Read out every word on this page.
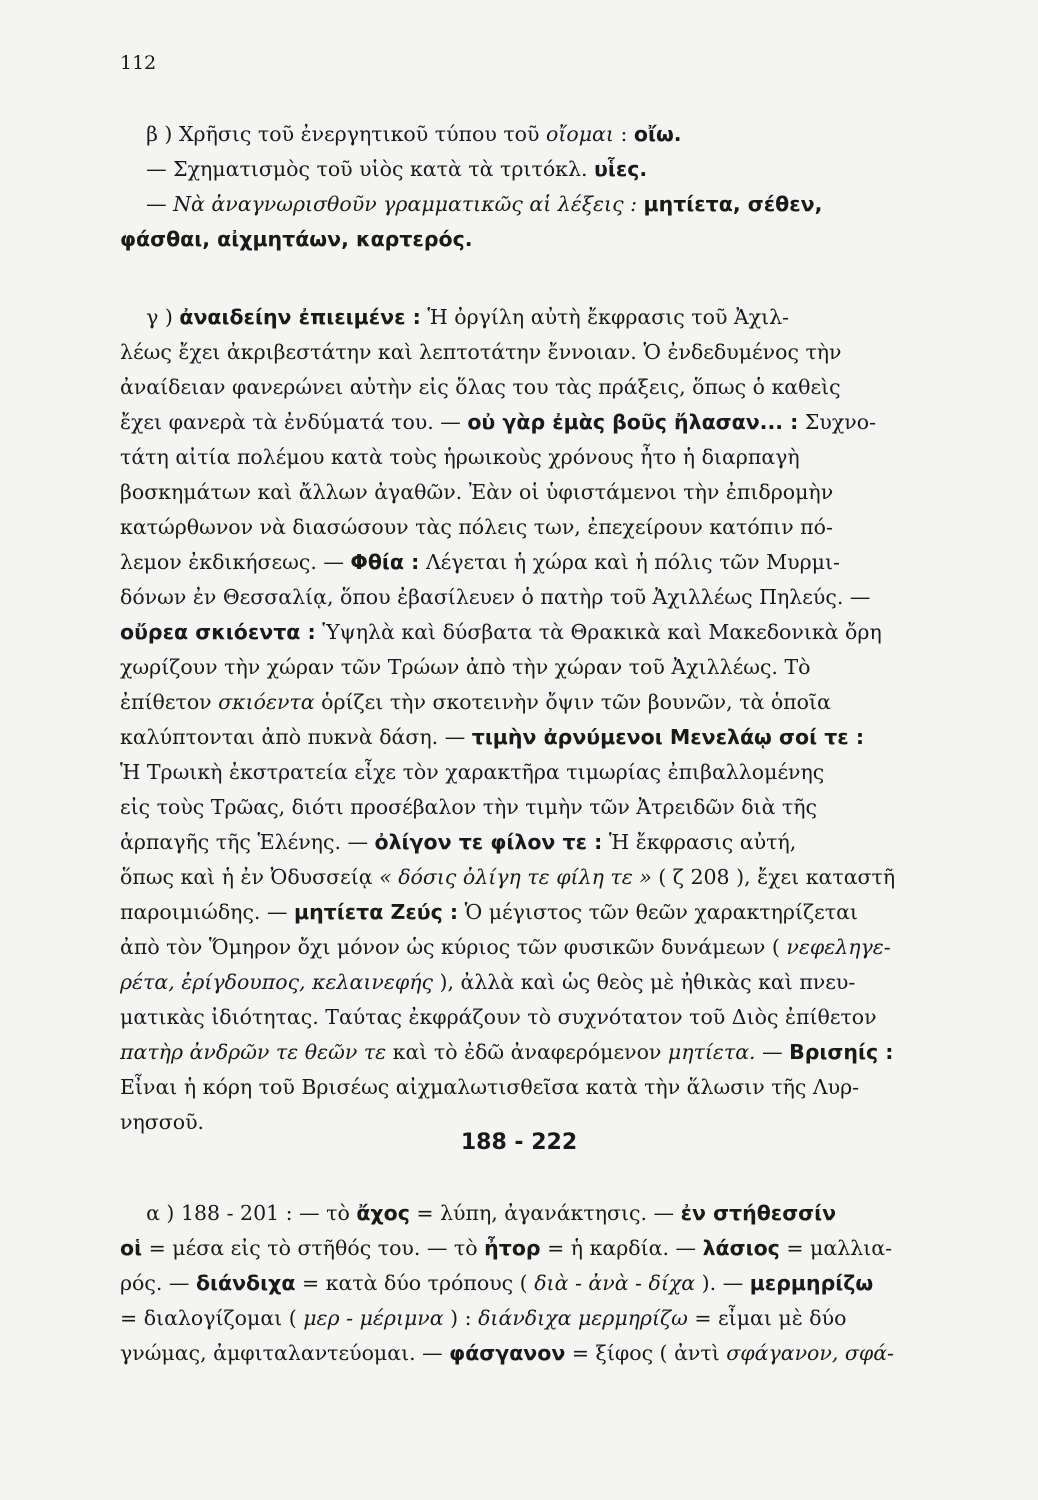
112
β ) Χρῆσις τοῦ ἐνεργητικοῦ τύπου τοῦ οἴομαι : οἴω.
— Σχηματισμὸς τοῦ υἱὸς κατὰ τὰ τριτόκλ. υἷες.
— Νὰ ἀναγνωρισθοῦν γραμματικῶς αἱ λέξεις : μητίετα, σέθεν,
φάσθαι, αἰχμητάων, καρτερός.
γ ) ἀναιδείην ἐπιειμένε : Ἡ ὀργίλη αὐτὴ ἔκφρασις τοῦ Ἀχιλ-
λέως ἔχει ἀκριβεστάτην καὶ λεπτοτάτην ἔννοιαν. Ὁ ἐνδεδυμένος τὴν
ἀναίδειαν φανερώνει αὐτὴν εἰς ὅλας του τὰς πράξεις, ὅπως ὁ καθεὶς
ἔχει φανερὰ τὰ ἐνδύματά του. — οὐ γὰρ ἐμὰς βοῦς ἤλασαν... : Συχνο-
τάτη αἰτία πολέμου κατὰ τοὺς ἡρωικοὺς χρόνους ἦτο ἡ διαρπαγὴ
βοσκημάτων καὶ ἄλλων ἀγαθῶν. Ἐὰν οἱ ὑφιστάμενοι τὴν ἐπιδρομὴν
κατώρθωνον νὰ διασώσουν τὰς πόλεις των, ἐπεχείρουν κατόπιν πό-
λεμον ἐκδικήσεως. — Φθία : Λέγεται ἡ χώρα καὶ ἡ πόλις τῶν Μυρμι-
δόνων ἐν Θεσσαλίᾳ, ὅπου ἐβασίλευεν ὁ πατὴρ τοῦ Ἀχιλλέως Πηλεύς. —
οὔρεα σκιόεντα : Ὑψηλὰ καὶ δύσβατα τὰ Θρακικὰ καὶ Μακεδονικὰ ὄρη
χωρίζουν τὴν χώραν τῶν Τρώων ἀπὸ τὴν χώραν τοῦ Ἀχιλλέως. Τὸ
ἐπίθετον σκιόεντα ὁρίζει τὴν σκοτεινὴν ὄψιν τῶν βουνῶν, τὰ ὁποῖα
καλύπτονται ἀπὸ πυκνὰ δάση. — τιμὴν ἀρνύμενοι Μενελάῳ σοί τε :
Ἡ Τρωικὴ ἐκστρατεία εἶχε τὸν χαρακτῆρα τιμωρίας ἐπιβαλλομένης
εἰς τοὺς Τρῶας, διότι προσέβαλον τὴν τιμὴν τῶν Ἀτρειδῶν διὰ τῆς
ἁρπαγῆς τῆς Ἑλένης. — ὀλίγον τε φίλον τε : Ἡ ἔκφρασις αὐτή,
ὅπως καὶ ἡ ἐν Ὀδυσσείᾳ « δόσις ὀλίγη τε φίλη τε » ( ζ 208 ), ἔχει καταστῆ
παροιμιώδης. — μητίετα Ζεύς : Ὁ μέγιστος τῶν θεῶν χαρακτηρίζεται
ἀπὸ τὸν Ὅμηρον ὄχι μόνον ὡς κύριος τῶν φυσικῶν δυνάμεων ( νεφεληγε-
ρέτα, ἐρίγδουπος, κελαινεφής ), ἀλλὰ καὶ ὡς θεὸς μὲ ἠθικὰς καὶ πνευ-
ματικὰς ἰδιότητας. Ταύτας ἐκφράζουν τὸ συχνότατον τοῦ Διὸς ἐπίθετον
πατὴρ ἀνδρῶν τε θεῶν τε καὶ τὸ ἐδῶ ἀναφερόμενον μητίετα. — Βρισηίς :
Εἶναι ἡ κόρη τοῦ Βρισέως αἰχμαλωτισθεῖσα κατὰ τὴν ἅλωσιν τῆς Λυρ-
νησσοῦ.
188 - 222
α ) 188 - 201 : — τὸ ἄχος = λύπη, ἀγανάκτησις. — ἐν στήθεσσίν
οἱ = μέσα εἰς τὸ στῆθός του. — τὸ ἦτορ = ἡ καρδία. — λάσιος = μαλλια-
ρός. — διάνδιχα = κατὰ δύο τρόπους ( διὰ - ἀνὰ - δίχα ). — μερμηρίζω
= διαλογίζομαι ( μερ - μέριμνα ) : διάνδιχα μερμηρίζω = εἶμαι μὲ δύο
γνώμας, ἀμφιταλαντεύομαι. — φάσγανον = ξίφος ( ἀντὶ σφάγανον, σφά-
